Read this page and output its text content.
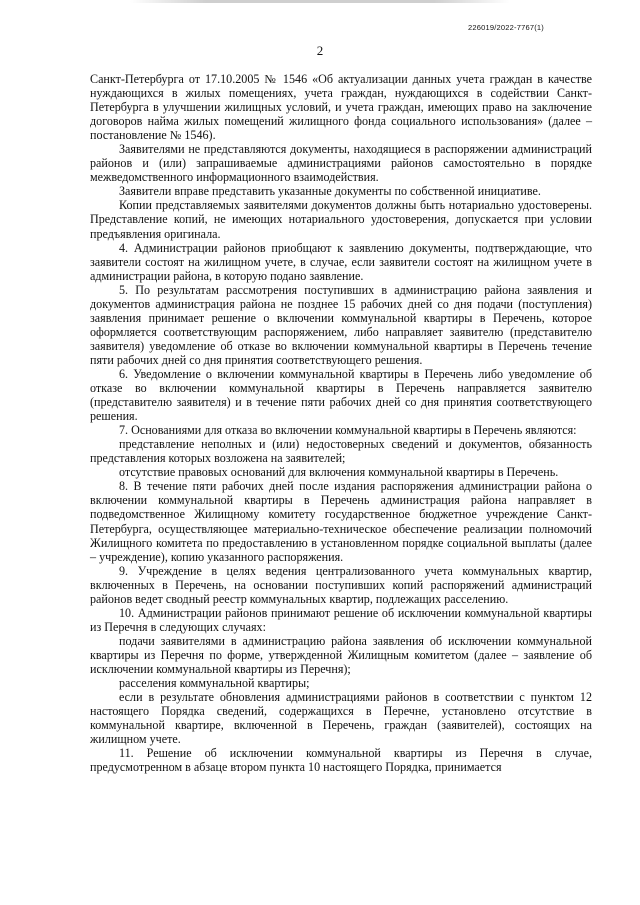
226019/2022-7767(1)
2

Санкт-Петербурга от 17.10.2005 № 1546 «Об актуализации данных учета граждан в качестве нуждающихся в жилых помещениях, учета граждан, нуждающихся в содействии Санкт-Петербурга в улучшении жилищных условий, и учета граждан, имеющих право на заключение договоров найма жилых помещений жилищного фонда социального использования» (далее – постановление № 1546).

Заявителями не представляются документы, находящиеся в распоряжении администраций районов и (или) запрашиваемые администрациями районов самостоятельно в порядке межведомственного информационного взаимодействия.

Заявители вправе представить указанные документы по собственной инициативе.

Копии представляемых заявителями документов должны быть нотариально удостоверены. Представление копий, не имеющих нотариального удостоверения, допускается при условии предъявления оригинала.

4. Администрации районов приобщают к заявлению документы, подтверждающие, что заявители состоят на жилищном учете, в случае, если заявители состоят на жилищном учете в администрации района, в которую подано заявление.

5. По результатам рассмотрения поступивших в администрацию района заявления и документов администрация района не позднее 15 рабочих дней со дня подачи (поступления) заявления принимает решение о включении коммунальной квартиры в Перечень, которое оформляется соответствующим распоряжением, либо направляет заявителю (представителю заявителя) уведомление об отказе во включении коммунальной квартиры в Перечень течение пяти рабочих дней со дня принятия соответствующего решения.

6. Уведомление о включении коммунальной квартиры в Перечень либо уведомление об отказе во включении коммунальной квартиры в Перечень направляется заявителю (представителю заявителя) и в течение пяти рабочих дней со дня принятия соответствующего решения.

7. Основаниями для отказа во включении коммунальной квартиры в Перечень являются:

представление неполных и (или) недостоверных сведений и документов, обязанность представления которых возложена на заявителей;

отсутствие правовых оснований для включения коммунальной квартиры в Перечень.

8. В течение пяти рабочих дней после издания распоряжения администрации района о включении коммунальной квартиры в Перечень администрация района направляет в подведомственное Жилищному комитету государственное бюджетное учреждение Санкт-Петербурга, осуществляющее материально-техническое обеспечение реализации полномочий Жилищного комитета по предоставлению в установленном порядке социальной выплаты (далее – учреждение), копию указанного распоряжения.

9. Учреждение в целях ведения централизованного учета коммунальных квартир, включенных в Перечень, на основании поступивших копий распоряжений администраций районов ведет сводный реестр коммунальных квартир, подлежащих расселению.

10. Администрации районов принимают решение об исключении коммунальной квартиры из Перечня в следующих случаях:

подачи заявителями в администрацию района заявления об исключении коммунальной квартиры из Перечня по форме, утвержденной Жилищным комитетом (далее – заявление об исключении коммунальной квартиры из Перечня);

расселения коммунальной квартиры;

если в результате обновления администрациями районов в соответствии с пунктом 12 настоящего Порядка сведений, содержащихся в Перечне, установлено отсутствие в коммунальной квартире, включенной в Перечень, граждан (заявителей), состоящих на жилищном учете.

11. Решение об исключении коммунальной квартиры из Перечня в случае, предусмотренном в абзаце втором пункта 10 настоящего Порядка, принимается
